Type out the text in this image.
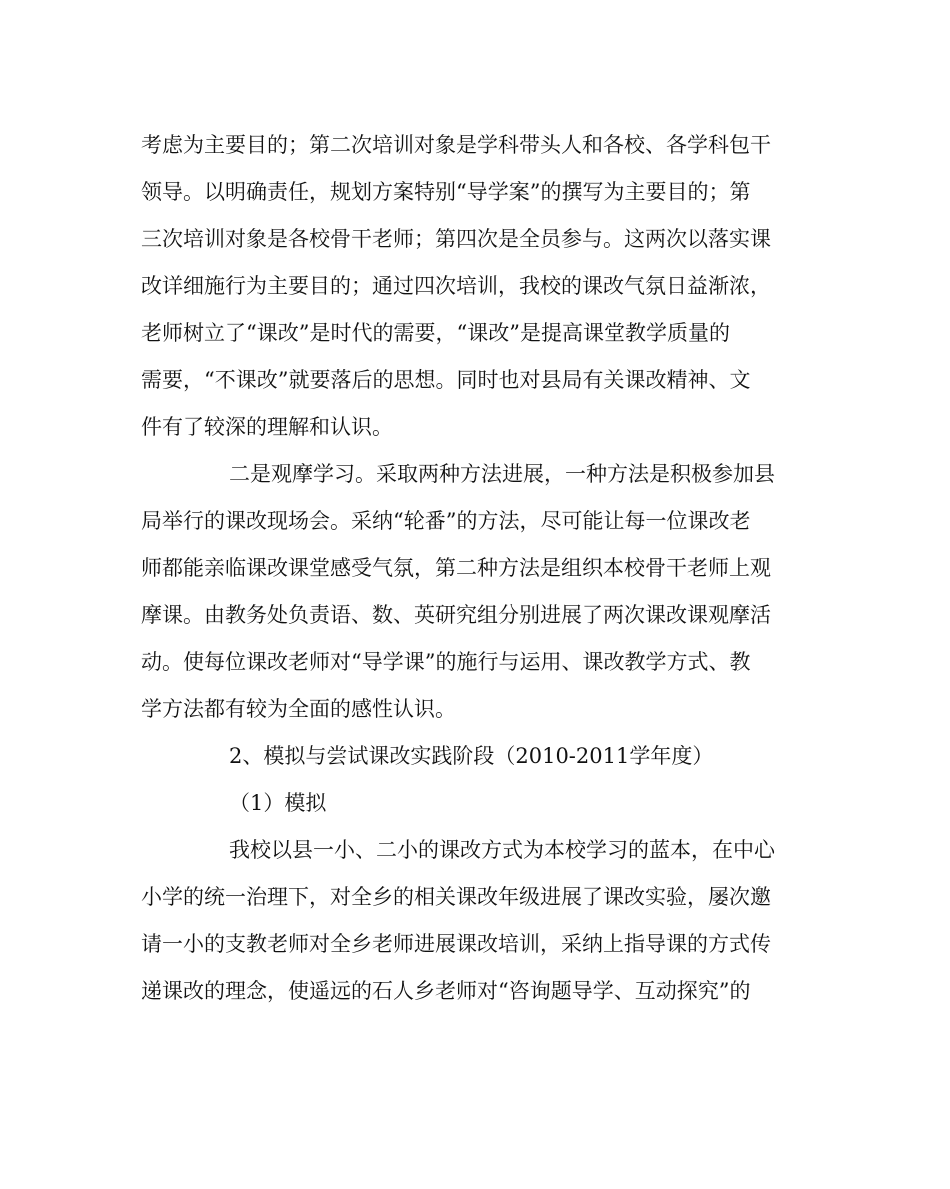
考虑为主要目的；第二次培训对象是学科带头人和各校、各学科包干
领导。以明确责任，规划方案特别“导学案”的撰写为主要目的；第
三次培训对象是各校骨干老师；第四次是全员参与。这两次以落实课
改详细施行为主要目的；通过四次培训，我校的课改气氛日益渐浓，
老师树立了“课改”是时代的需要，“课改”是提高课堂教学质量的
需要，“不课改”就要落后的思想。同时也对县局有关课改精神、文
件有了较深的理解和认识。
二是观摩学习。采取两种方法进展，一种方法是积极参加县
局举行的课改现场会。采纳“轮番”的方法，尽可能让每一位课改老
师都能亲临课改课堂感受气氛，第二种方法是组织本校骨干老师上观
摩课。由教务处负责语、数、英研究组分别进展了两次课改课观摩活
动。使每位课改老师对“导学课”的施行与运用、课改教学方式、教
学方法都有较为全面的感性认识。
2、模拟与尝试课改实践阶段（2010-2011学年度）
（1）模拟
我校以县一小、二小的课改方式为本校学习的蓝本，在中心
小学的统一治理下，对全乡的相关课改年级进展了课改实验，屡次邀
请一小的支教老师对全乡老师进展课改培训，采纳上指导课的方式传
递课改的理念，使遥远的石人乡老师对“咨询题导学、互动探究”的
